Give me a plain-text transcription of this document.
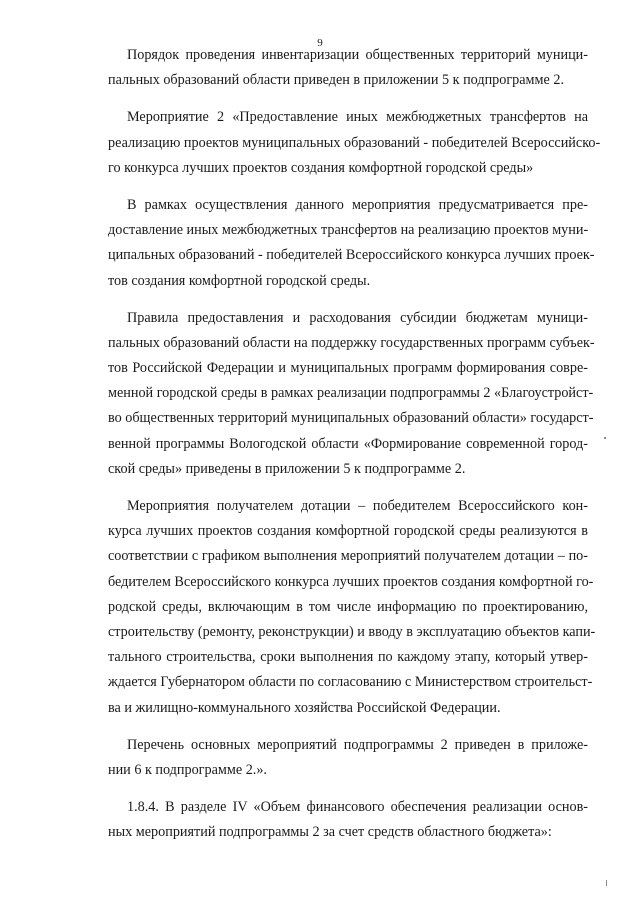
9
Порядок проведения инвентаризации общественных территорий муници-
пальных образований области приведен в приложении 5 к подпрограмме 2.
Мероприятие 2 «Предоставление иных межбюджетных трансфертов на
реализацию проектов муниципальных образований - победителей Всероссийско-
го конкурса лучших проектов создания комфортной городской среды»
В рамках осуществления данного мероприятия предусматривается пре-
доставление иных межбюджетных трансфертов на реализацию проектов муни-
ципальных образований - победителей Всероссийского конкурса лучших проек-
тов создания комфортной городской среды.
Правила предоставления и расходования субсидии бюджетам муници-
пальных образований области на поддержку государственных программ субъек-
тов Российской Федерации и муниципальных программ формирования совре-
менной городской среды в рамках реализации подпрограммы 2 «Благоустройст-
во общественных территорий муниципальных образований области» государст-
венной программы Вологодской области «Формирование современной город-
ской среды» приведены в приложении 5 к подпрограмме 2.
Мероприятия получателем дотации – победителем Всероссийского кон-
курса лучших проектов создания комфортной городской среды реализуются в
соответствии с графиком выполнения мероприятий получателем дотации – по-
бедителем Всероссийского конкурса лучших проектов создания комфортной го-
родской среды, включающим в том числе информацию по проектированию,
строительству (ремонту, реконструкции) и вводу в эксплуатацию объектов капи-
тального строительства, сроки выполнения по каждому этапу, который утвер-
ждается Губернатором области по согласованию с Министерством строительст-
ва и жилищно-коммунального хозяйства Российской Федерации.
Перечень основных мероприятий подпрограммы 2 приведен в приложе-
нии 6 к подпрограмме 2.».
1.8.4. В разделе IV «Объем финансового обеспечения реализации основ-
ных мероприятий подпрограммы 2 за счет средств областного бюджета»:
